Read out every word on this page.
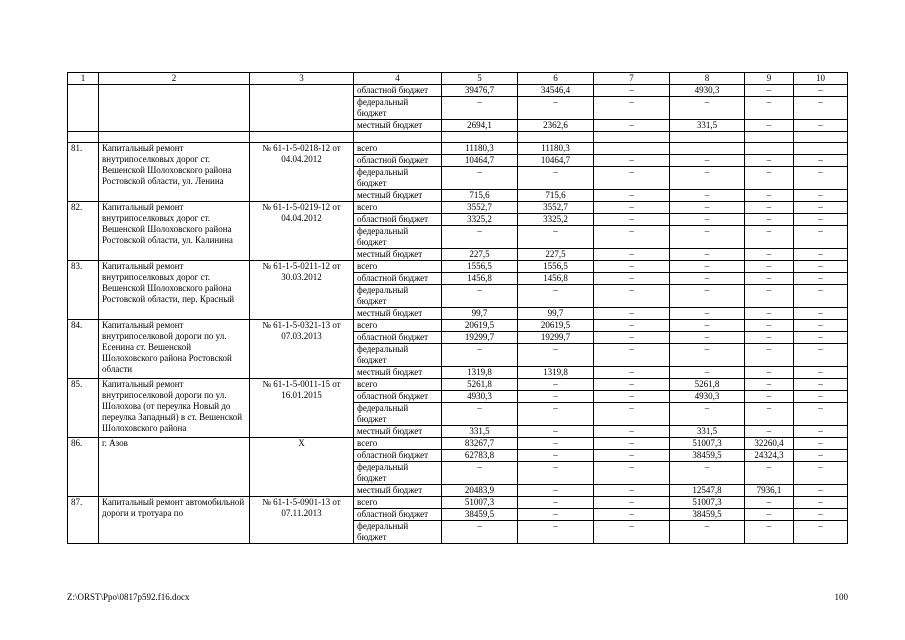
1	2	3	4	5	6	7	8	9	10
			областной бюджет	39476,7	34546,4	–	4930,3	–	–
			федеральный бюджет	–	–	–	–	–	–
			местный бюджет	2694,1	2362,6	–	331,5	–	–

81.	Капитальный ремонт внутрипоселковых дорог ст. Вешенской Шолоховского района Ростовской области, ул. Ленина	№ 61-1-5-0218-12 от 04.04.2012	всего	11180,3	11180,3				
			областной бюджет	10464,7	10464,7	–	–	–	–
			федеральный бюджет	–	–	–	–	–	–
			местный бюджет	715,6	715,6	–	–	–	–
82.	Капитальный ремонт внутрипоселковых дорог ст. Вешенской Шолоховского района Ростовской области, ул. Калинина	№ 61-1-5-0219-12 от 04.04.2012	всего	3552,7	3552,7	–	–	–	–
			областной бюджет	3325,2	3325,2	–	–	–	–
			федеральный бюджет	–	–	–	–	–	–
			местный бюджет	227,5	227,5	–	–	–	–
83.	Капитальный ремонт внутрипоселковых дорог ст. Вешенской Шолоховского района Ростовской области, пер. Красный	№ 61-1-5-0211-12 от 30.03.2012	всего	1556,5	1556,5	–	–	–	–
			областной бюджет	1456,8	1456,8	–	–	–	–
			федеральный бюджет	–	–	–	–	–	–
			местный бюджет	99,7	99,7	–	–	–	–
84.	Капитальный ремонт внутрипоселковой дороги по ул. Есенина ст. Вешенской Шолоховского района Ростовской области	№ 61-1-5-0321-13 от 07.03.2013	всего	20619,5	20619,5	–	–	–	–
			областной бюджет	19299,7	19299,7	–	–	–	–
			федеральный бюджет	–	–	–	–	–	–
			местный бюджет	1319,8	1319,8	–	–	–	–
85.	Капитальный ремонт внутрипоселковой дороги по ул. Шолохова (от переулка Новый до переулка Западный) в ст. Вешенской Шолоховского района	№ 61-1-5-0011-15 от 16.01.2015	всего	5261,8	–	–	5261,8	–	–
			областной бюджет	4930,3	–	–	4930,3	–	–
			федеральный бюджет	–	–	–	–	–	–
			местный бюджет	331,5	–	–	331,5	–	–
86.	г. Азов	Х	всего	83267,7	–	–	51007,3	32260,4	–
			областной бюджет	62783,8	–	–	38459,5	24324,3	–
			федеральный бюджет	–	–	–	–	–	–
			местный бюджет	20483,9	–	–	12547,8	7936,1	–
87.	Капитальный ремонт автомобильной дороги и тротуара по	№ 61-1-5-0901-13 от 07.11.2013	всего	51007,3	–	–	51007,3	–	–
			областной бюджет	38459,5	–	–	38459,5	–	–
			федеральный бюджет	–	–	–	–	–	–
Z:\ORST\Ppo\0817p592.f16.docx	100
